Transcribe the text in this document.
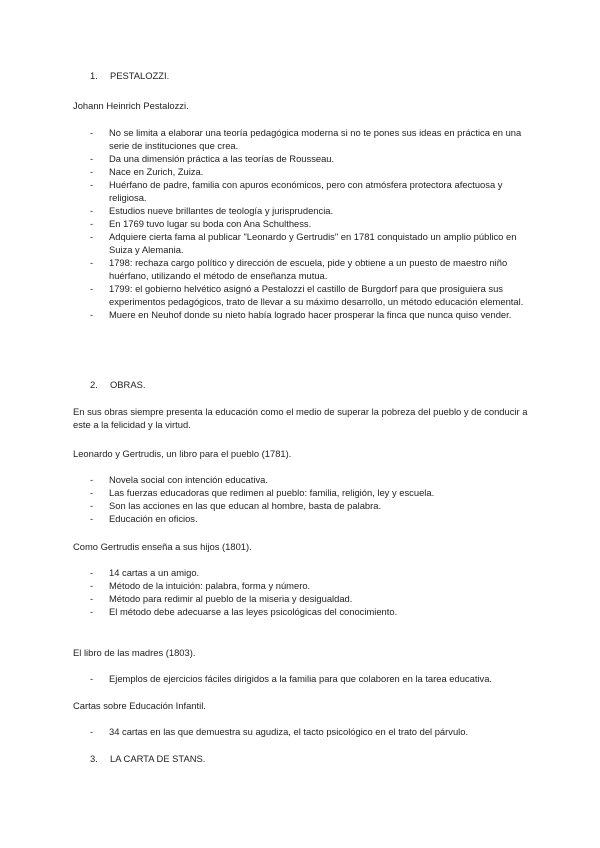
1. PESTALOZZI.
Johann Heinrich Pestalozzi.
- No se limita a elaborar una teoría pedagógica moderna si no te pones sus ideas en práctica en una serie de instituciones que crea.
- Da una dimensión práctica a las teorías de Rousseau.
- Nace en Zurich, Zuiza.
- Huérfano de padre, familia con apuros económicos, pero con atmósfera protectora afectuosa y religiosa.
- Estudios nueve brillantes de teología y jurisprudencia.
- En 1769 tuvo lugar su boda con Ana Schulthess.
- Adquiere cierta fama al publicar "Leonardo y Gertrudis" en 1781 conquistado un amplio público en Suiza y Alemania.
- 1798: rechaza cargo político y dirección de escuela, pide y obtiene a un puesto de maestro niño huérfano, utilizando el método de enseñanza mutua.
- 1799: el gobierno helvético asignó a Pestalozzi el castillo de Burgdorf para que prosiguiera sus experimentos pedagógicos, trato de llevar a su máximo desarrollo, un método educación elemental.
- Muere en Neuhof donde su nieto había logrado hacer prosperar la finca que nunca quiso vender.
2. OBRAS.
En sus obras siempre presenta la educación como el medio de superar la pobreza del pueblo y de conducir a este a la felicidad y la virtud.
Leonardo y Gertrudis, un libro para el pueblo (1781).
- Novela social con intención educativa.
- Las fuerzas educadoras que redimen al pueblo: familia, religión, ley y escuela.
- Son las acciones en las que educan al hombre, basta de palabra.
- Educación en oficios.
Como Gertrudis enseña a sus hijos (1801).
- 14 cartas a un amigo.
- Método de la intuición: palabra, forma y número.
- Método para redimir al pueblo de la miseria y desigualdad.
- El método debe adecuarse a las leyes psicológicas del conocimiento.
El libro de las madres (1803).
- Ejemplos de ejercicios fáciles dirigidos a la familia para que colaboren en la tarea educativa.
Cartas sobre Educación Infantil.
- 34 cartas en las que demuestra su agudiza, el tacto psicológico en el trato del párvulo.
3. LA CARTA DE STANS.
